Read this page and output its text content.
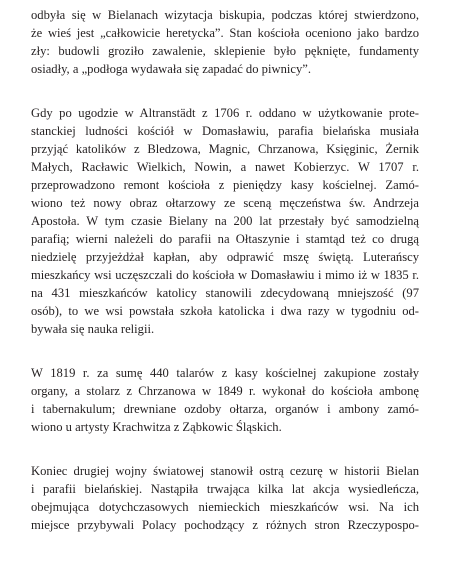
odbyła się w Bielanach wizytacja biskupia, podczas której stwierdzono,
że wieś jest „całkowicie heretycka”. Stan kościoła oceniono jako bardzo
zły: budowli groziło zawalenie, sklepienie było pęknięte, fundamenty
osiadły, a „podłoga wydawała się zapadać do piwnicy”.
Gdy po ugodzie w Altranstädt z 1706 r. oddano w użytkowanie prote-
stanckiej ludności kościół w Domasławiu, parafia bielańska musiała
przyjąć katolików z Bledzowa, Magnic, Chrzanowa, Księginic, Żernik
Małych, Racławic Wielkich, Nowin, a nawet Kobierzyc. W 1707 r.
przeprowadzono remont kościoła z pieniędzy kasy kościelnej. Zamó-
wiono też nowy obraz ołtarzowy ze sceną męczeństwa św. Andrzeja
Apostoła. W tym czasie Bielany na 200 lat przestały być samodzielną
parafią; wierni należeli do parafii na Ołtaszynie i stamtąd też co drugą
niedzielę przyjeżdżał kapłan, aby odprawić mszę świętą. Luterańscy
mieszkańcy wsi uczęszczali do kościoła w Domasławiu i mimo iż w 1835 r.
na 431 mieszkańców katolicy stanowili zdecydowaną mniejszość (97
osób), to we wsi powstała szkoła katolicka i dwa razy w tygodniu od-
bywała się nauka religii.
W 1819 r. za sumę 440 talarów z kasy kościelnej zakupione zostały
organy, a stolarz z Chrzanowa w 1849 r. wykonał do kościoła ambonę
i tabernakulum; drewniane ozdoby ołtarza, organów i ambony zamó-
wiono u artysty Krachwitza z Ząbkowic Śląskich.
Koniec drugiej wojny światowej stanowił ostrą cezurę w historii Bielan
i parafii bielańskiej. Nastąpiła trwająca kilka lat akcja wysiedleńcza,
obejmująca dotychczasowych niemieckich mieszkańców wsi. Na ich
miejsce przybywali Polacy pochodzący z różnych stron Rzeczypospo-
